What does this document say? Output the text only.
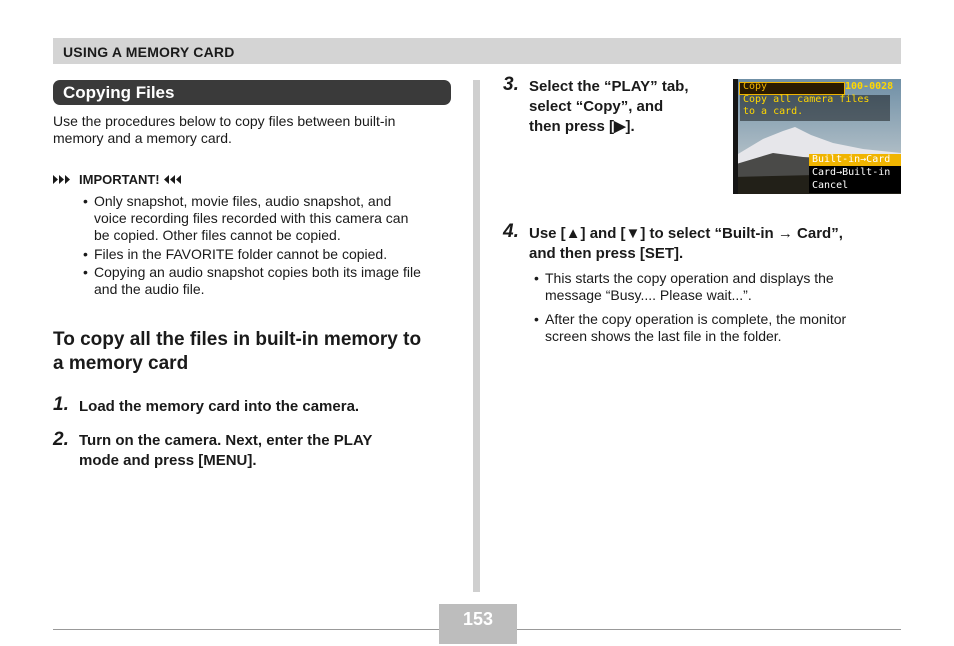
USING A MEMORY CARD
Copying Files
Use the procedures below to copy files between built-in
memory and a memory card.
IMPORTANT!
• Only snapshot, movie files, audio snapshot, and
voice recording files recorded with this camera can
be copied. Other files cannot be copied.
• Files in the FAVORITE folder cannot be copied.
• Copying an audio snapshot copies both its image file
and the audio file.
To copy all the files in built-in memory to
a memory card
1. Load the memory card into the camera.
2. Turn on the camera. Next, enter the PLAY
mode and press [MENU].
3. Select the “PLAY” tab,
select “Copy”, and
then press [▶].
Copy	100-0028
Copy all camera files
to a card.
Built-in→Card
Card→Built-in
Cancel
4. Use [▲] and [▼] to select “Built-in → Card”,
and then press [SET].
• This starts the copy operation and displays the
message “Busy.... Please wait...”.
• After the copy operation is complete, the monitor
screen shows the last file in the folder.
153
